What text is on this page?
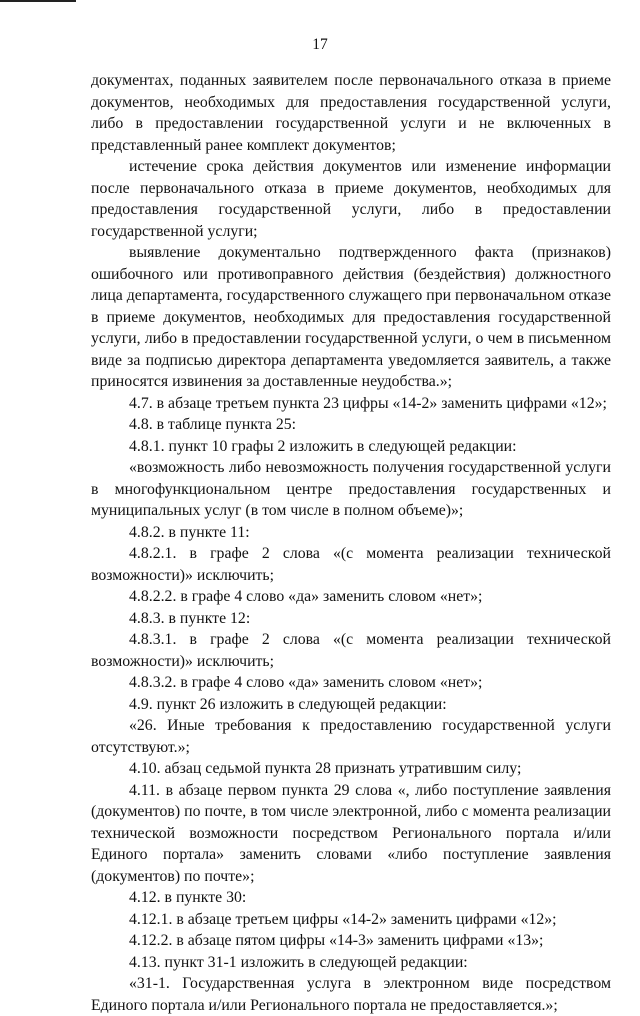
17

документах, поданных заявителем после первоначального отказа в приеме документов, необходимых для предоставления государственной услуги, либо в предоставлении государственной услуги и не включенных в представленный ранее комплект документов;

истечение срока действия документов или изменение информации после первоначального отказа в приеме документов, необходимых для предоставления государственной услуги, либо в предоставлении государственной услуги;

выявление документально подтвержденного факта (признаков) ошибочного или противоправного действия (бездействия) должностного лица департамента, государственного служащего при первоначальном отказе в приеме документов, необходимых для предоставления государственной услуги, либо в предоставлении государственной услуги, о чем в письменном виде за подписью директора департамента уведомляется заявитель, а также приносятся извинения за доставленные неудобства.»;

4.7. в абзаце третьем пункта 23 цифры «14-2» заменить цифрами «12»;

4.8. в таблице пункта 25:

4.8.1. пункт 10 графы 2 изложить в следующей редакции:

«возможность либо невозможность получения государственной услуги в многофункциональном центре предоставления государственных и муниципальных услуг (в том числе в полном объеме)»;

4.8.2. в пункте 11:

4.8.2.1. в графе 2 слова «(с момента реализации технической возможности)» исключить;

4.8.2.2. в графе 4 слово «да» заменить словом «нет»;

4.8.3. в пункте 12:

4.8.3.1. в графе 2 слова «(с момента реализации технической возможности)» исключить;

4.8.3.2. в графе 4 слово «да» заменить словом «нет»;

4.9. пункт 26 изложить в следующей редакции:

«26. Иные требования к предоставлению государственной услуги отсутствуют.»;

4.10. абзац седьмой пункта 28 признать утратившим силу;

4.11. в абзаце первом пункта 29 слова «, либо поступление заявления (документов) по почте, в том числе электронной, либо с момента реализации технической возможности посредством Регионального портала и/или Единого портала» заменить словами «либо поступление заявления (документов) по почте»;

4.12. в пункте 30:

4.12.1. в абзаце третьем цифры «14-2» заменить цифрами «12»;

4.12.2. в абзаце пятом цифры «14-3» заменить цифрами «13»;

4.13. пункт 31-1 изложить в следующей редакции:

«31-1. Государственная услуга в электронном виде посредством Единого портала и/или Регионального портала не предоставляется.»;
